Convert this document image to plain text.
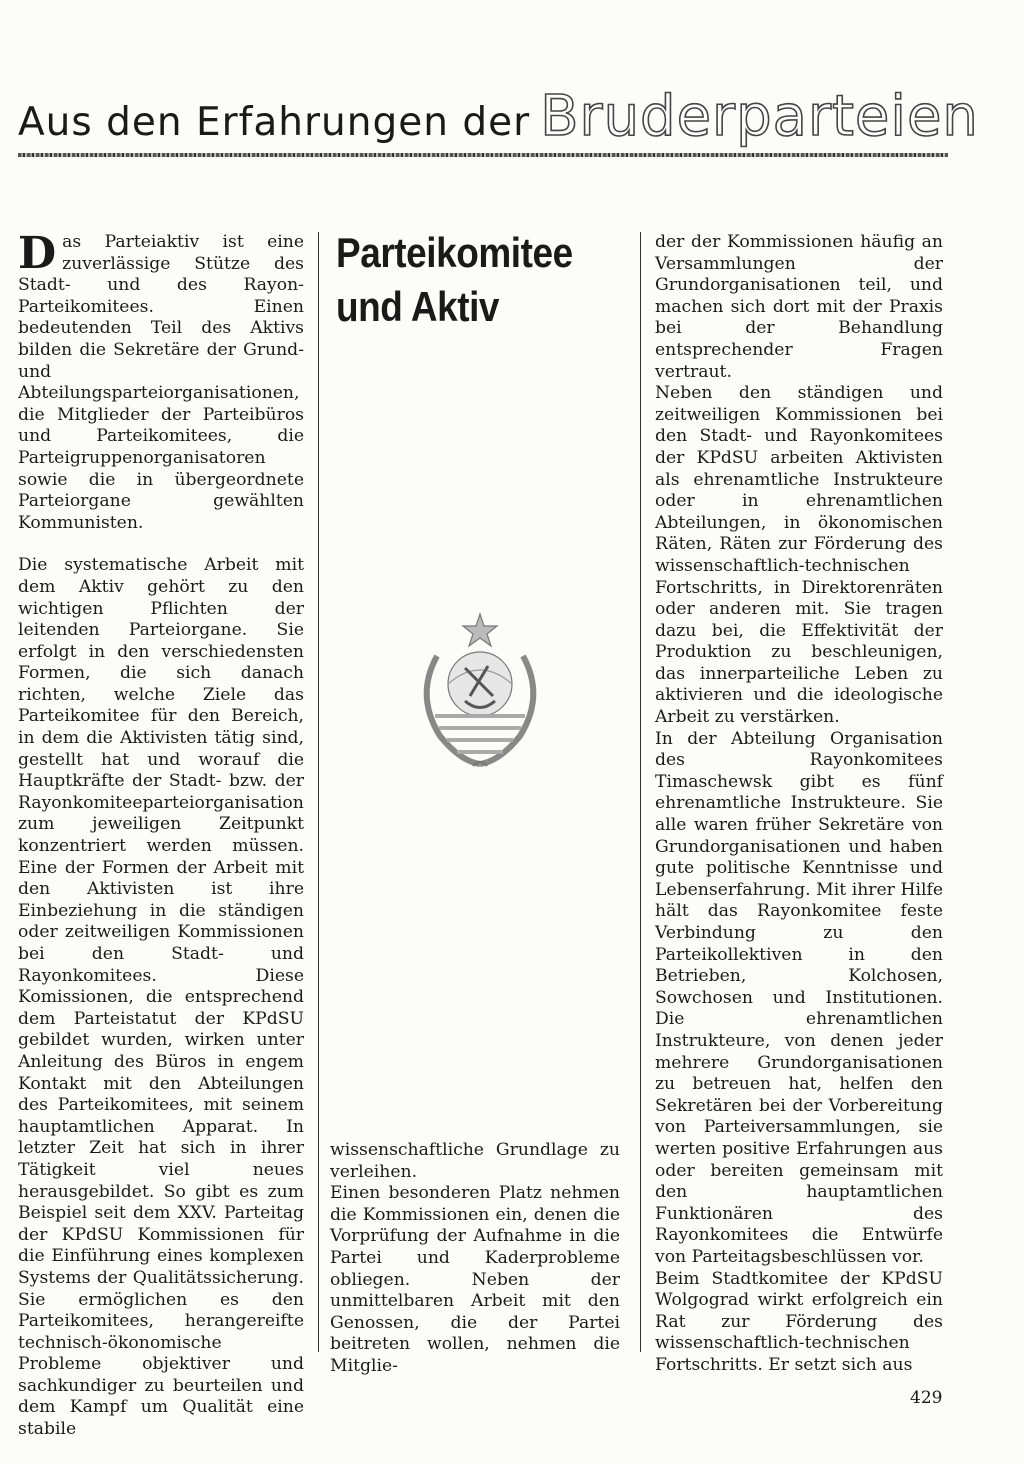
Aus den Erfahrungen der Bruderparteien

Das Parteiaktiv ist eine zuverlässige Stütze des Stadt- und des Rayon-Parteikomitees. Einen bedeutenden Teil des Aktivs bilden die Sekretäre der Grund- und Abteilungsparteiorganisationen, die Mitglieder der Parteibüros und Parteikomitees, die Parteigruppenorganisatoren sowie die in übergeordnete Parteiorgane gewählten Kommunisten.

Die systematische Arbeit mit dem Aktiv gehört zu den wichtigen Pflichten der leitenden Parteiorgane. Sie erfolgt in den verschiedensten Formen, die sich danach richten, welche Ziele das Parteikomitee für den Bereich, in dem die Aktivisten tätig sind, gestellt hat und worauf die Hauptkräfte der Stadt- bzw. der Rayonkomiteeparteiorganisation zum jeweiligen Zeitpunkt konzentriert werden müssen. Eine der Formen der Arbeit mit den Aktivisten ist ihre Einbeziehung in die ständigen oder zeitweiligen Kommissionen bei den Stadt- und Rayonkomitees. Diese Komissionen, die entsprechend dem Parteistatut der KPdSU gebildet wurden, wirken unter Anleitung des Büros in engem Kontakt mit den Abteilungen des Parteikomitees, mit seinem hauptamtlichen Apparat. In letzter Zeit hat sich in ihrer Tätigkeit viel neues herausgebildet. So gibt es zum Beispiel seit dem XXV. Parteitag der KPdSU Kommissionen für die Einführung eines komplexen Systems der Qualitätssicherung. Sie ermöglichen es den Parteikomitees, herangereifte technisch-ökonomische Probleme objektiver und sachkundiger zu beurteilen und dem Kampf um Qualität eine stabile

Parteikomitee
und Aktiv

wissenschaftliche Grundlage zu verleihen.

Einen besonderen Platz nehmen die Kommissionen ein, denen die Vorprüfung der Aufnahme in die Partei und Kaderprobleme obliegen. Neben der unmittelbaren Arbeit mit den Genossen, die der Partei beitreten wollen, nehmen die Mitglie-

der der Kommissionen häufig an Versammlungen der Grundorganisationen teil, und machen sich dort mit der Praxis bei der Behandlung entsprechender Fragen vertraut.

Neben den ständigen und zeitweiligen Kommissionen bei den Stadt- und Rayonkomitees der KPdSU arbeiten Aktivisten als ehrenamtliche Instrukteure oder in ehrenamtlichen Abteilungen, in ökonomischen Räten, Räten zur Förderung des wissenschaftlich-technischen Fortschritts, in Direktorenräten oder anderen mit. Sie tragen dazu bei, die Effektivität der Produktion zu beschleunigen, das innerparteiliche Leben zu aktivieren und die ideologische Arbeit zu verstärken.

In der Abteilung Organisation des Rayonkomitees Timaschewsk gibt es fünf ehrenamtliche Instrukteure. Sie alle waren früher Sekretäre von Grundorganisationen und haben gute politische Kenntnisse und Lebenserfahrung. Mit ihrer Hilfe hält das Rayonkomitee feste Verbindung zu den Parteikollektiven in den Betrieben, Kolchosen, Sowchosen und Institutionen. Die ehrenamtlichen Instrukteure, von denen jeder mehrere Grundorganisationen zu betreuen hat, helfen den Sekretären bei der Vorbereitung von Parteiversammlungen, sie werten positive Erfahrungen aus oder bereiten gemeinsam mit den hauptamtlichen Funktionären des Rayonkomitees die Entwürfe von Parteitagsbeschlüssen vor.

Beim Stadtkomitee der KPdSU Wolgograd wirkt erfolgreich ein Rat zur Förderung des wissenschaftlich-technischen Fortschritts. Er setzt sich aus

429
